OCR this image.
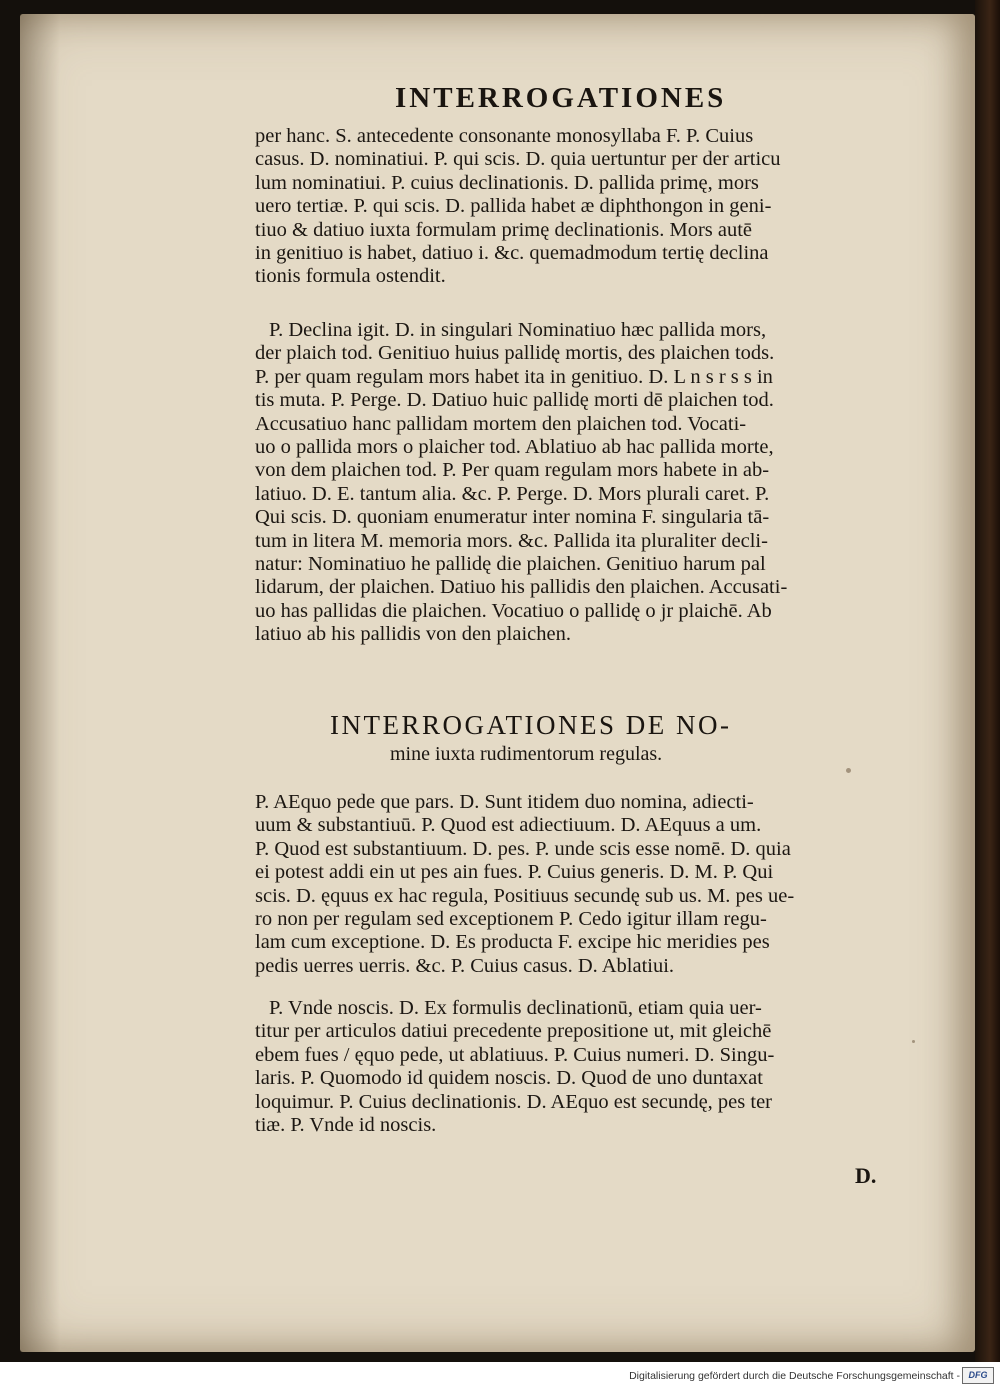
INTERROGATIONES
per hanc. S. antecedente consonante monosyllaba F. P. Cuius
casus. D. nominatiui. P. qui scis. D. quia uertuntur per der articu
lum nominatiui. P. cuius declinationis. D. pallida primę, mors
uero tertiæ. P. qui scis. D. pallida habet æ diphthongon in geni-
tiuo & datiuo iuxta formulam primę declinationis. Mors autē
in genitiuo is habet, datiuo i. &c. quemadmodum tertię declina
tionis formula ostendit.
P. Declina igit. D. in singulari Nominatiuo hæc pallida mors,
der plaich tod. Genitiuo huius pallidę mortis, des plaichen tods.
P. per quam regulam mors habet ita in genitiuo. D. L n s r s s in
tis muta. P. Perge. D. Datiuo huic pallidę morti dē plaichen tod.
Accusatiuo hanc pallidam mortem den plaichen tod. Vocati-
uo o pallida mors o plaicher tod. Ablatiuo ab hac pallida morte,
von dem plaichen tod. P. Per quam regulam mors habete in ab-
latiuo. D. E. tantum alia. &c. P. Perge. D. Mors plurali caret. P.
Qui scis. D. quoniam enumeratur inter nomina F. singularia tā-
tum in litera M. memoria mors. &c. Pallida ita pluraliter decli-
natur: Nominatiuo he pallidę die plaichen. Genitiuo harum pal
lidarum, der plaichen. Datiuo his pallidis den plaichen. Accusati-
uo has pallidas die plaichen. Vocatiuo o pallidę o jr plaichē. Ab
latiuo ab his pallidis von den plaichen.
INTERROGATIONES DE NO-
mine iuxta rudimentorum regulas.
P. AEquo pede que pars. D. Sunt itidem duo nomina, adiecti-
uum & substantiuū. P. Quod est adiectiuum. D. AEquus a um.
P. Quod est substantiuum. D. pes. P. unde scis esse nomē. D. quia
ei potest addi ein ut pes ain fues. P. Cuius generis. D. M. P. Qui
scis. D. ęquus ex hac regula, Positiuus secundę sub us. M. pes ue-
ro non per regulam sed exceptionem P. Cedo igitur illam regu-
lam cum exceptione. D. Es producta F. excipe hic meridies pes
pedis uerres uerris. &c. P. Cuius casus. D. Ablatiui.
P. Vnde noscis. D. Ex formulis declinationū, etiam quia uer-
titur per articulos datiui precedente prepositione ut, mit gleichē
ebem fues / ęquo pede, ut ablatiuus. P. Cuius numeri. D. Singu-
laris. P. Quomodo id quidem noscis. D. Quod de uno duntaxat
loquimur. P. Cuius declinationis. D. AEquo est secundę, pes ter
tiæ. P. Vnde id noscis.
D.
Digitalisierung gefördert durch die Deutsche Forschungsgemeinschaft - DFG
